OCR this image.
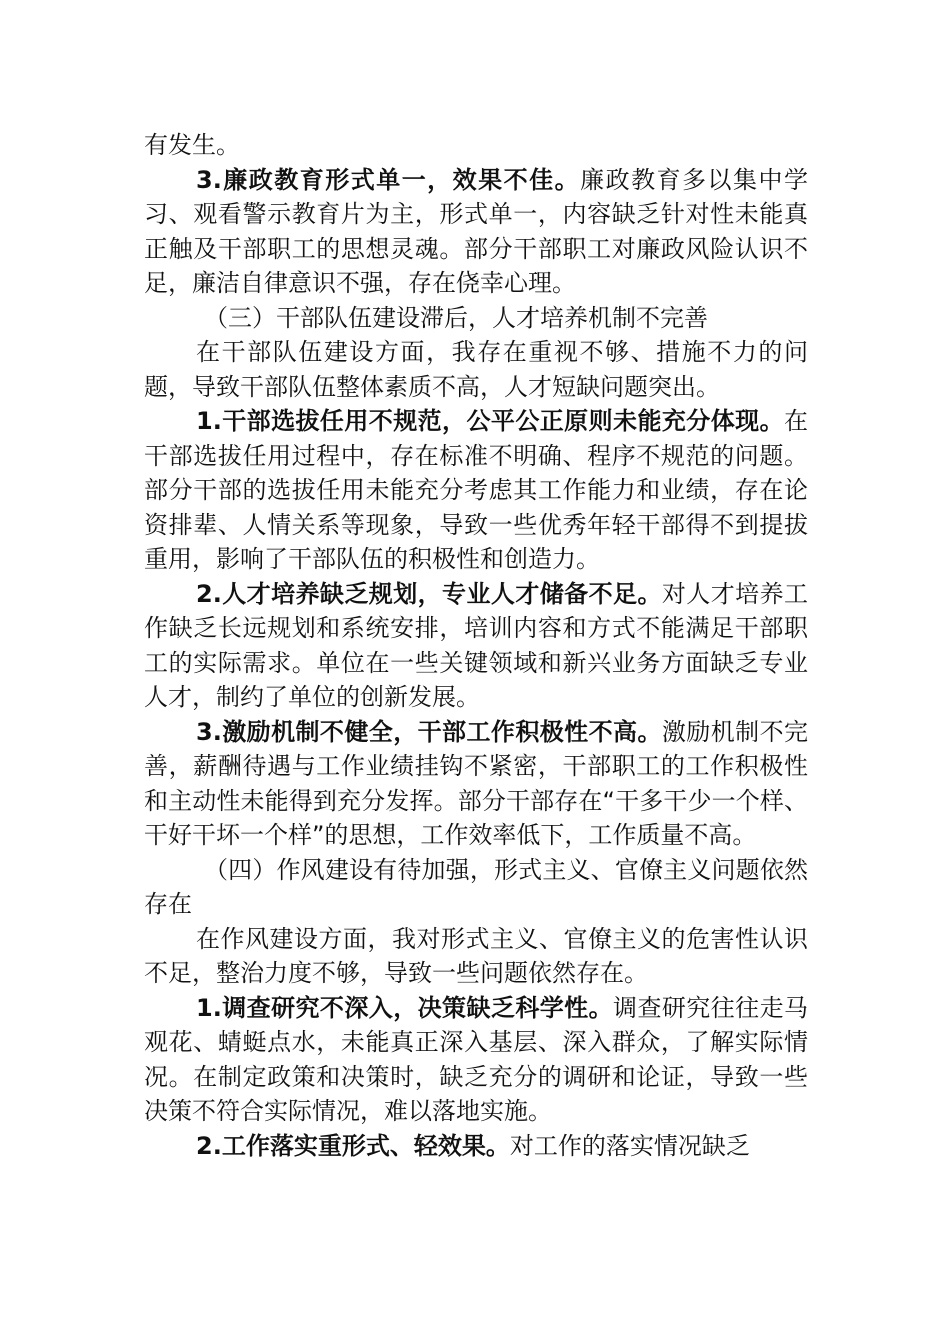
有发生。

3.廉政教育形式单一，效果不佳。廉政教育多以集中学习、观看警示教育片为主，形式单一，内容缺乏针对性未能真正触及干部职工的思想灵魂。部分干部职工对廉政风险认识不足，廉洁自律意识不强，存在侥幸心理。

（三）干部队伍建设滞后，人才培养机制不完善

在干部队伍建设方面，我存在重视不够、措施不力的问题，导致干部队伍整体素质不高，人才短缺问题突出。

1.干部选拔任用不规范，公平公正原则未能充分体现。在干部选拔任用过程中，存在标准不明确、程序不规范的问题。部分干部的选拔任用未能充分考虑其工作能力和业绩，存在论资排辈、人情关系等现象，导致一些优秀年轻干部得不到提拔重用，影响了干部队伍的积极性和创造力。

2.人才培养缺乏规划，专业人才储备不足。对人才培养工作缺乏长远规划和系统安排，培训内容和方式不能满足干部职工的实际需求。单位在一些关键领域和新兴业务方面缺乏专业人才，制约了单位的创新发展。

3.激励机制不健全，干部工作积极性不高。激励机制不完善，薪酬待遇与工作业绩挂钩不紧密，干部职工的工作积极性和主动性未能得到充分发挥。部分干部存在“干多干少一个样、干好干坏一个样”的思想，工作效率低下，工作质量不高。

（四）作风建设有待加强，形式主义、官僚主义问题依然存在

在作风建设方面，我对形式主义、官僚主义的危害性认识不足，整治力度不够，导致一些问题依然存在。

1.调查研究不深入，决策缺乏科学性。调查研究往往走马观花、蜻蜓点水，未能真正深入基层、深入群众，了解实际情况。在制定政策和决策时，缺乏充分的调研和论证，导致一些决策不符合实际情况，难以落地实施。

2.工作落实重形式、轻效果。对工作的落实情况缺乏
